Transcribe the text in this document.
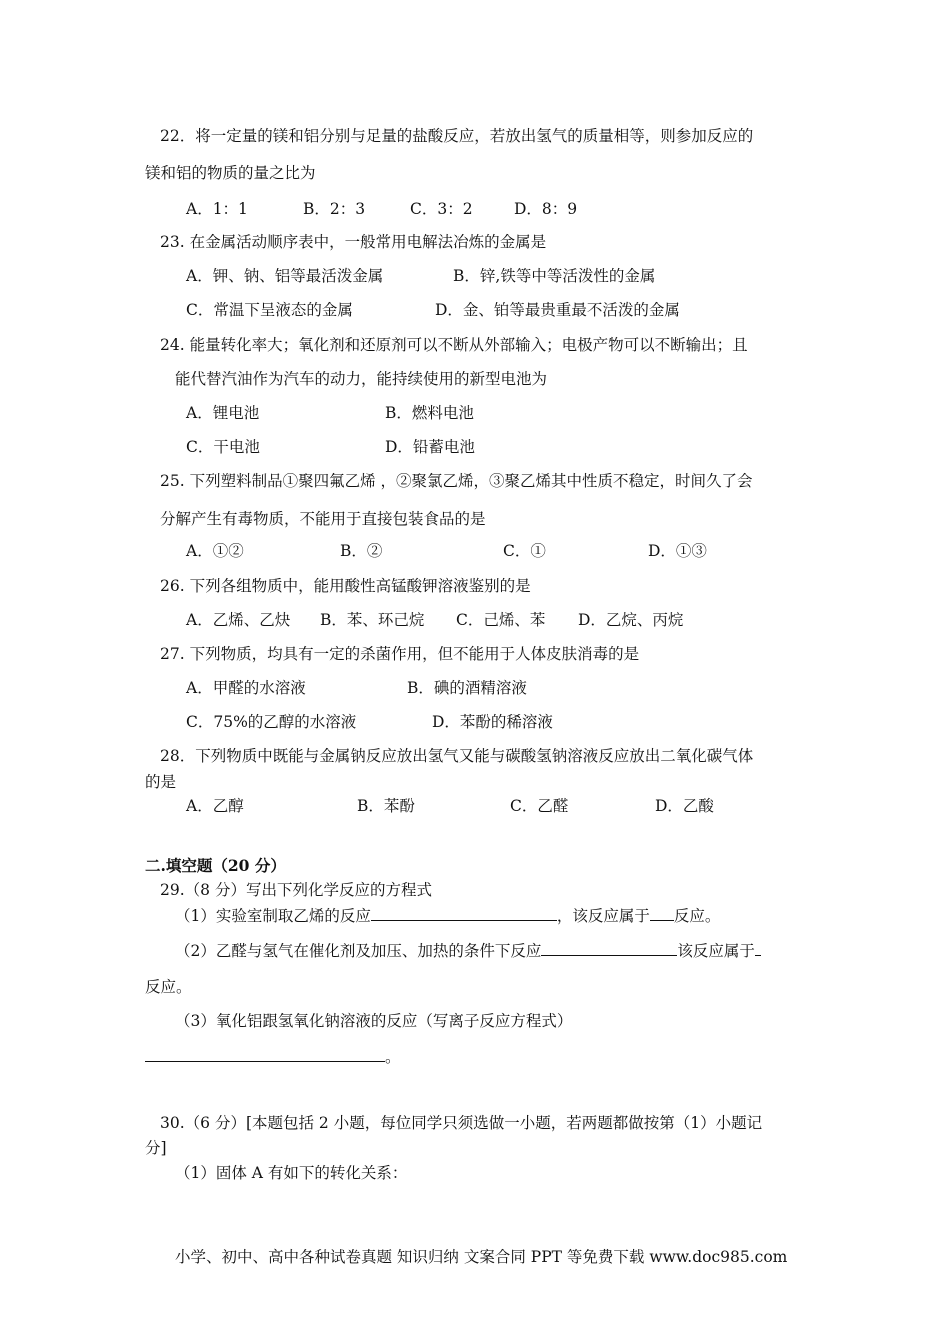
22．将一定量的镁和铝分别与足量的盐酸反应，若放出氢气的质量相等，则参加反应的
镁和铝的物质的量之比为
A．1：1	B．2：3	C．3：2	D．8：9
23. 在金属活动顺序表中，一般常用电解法冶炼的金属是
A．钾、钠、铝等最活泼金属	B．锌,铁等中等活泼性的金属
C．常温下呈液态的金属	D．金、铂等最贵重最不活泼的金属
24. 能量转化率大；氧化剂和还原剂可以不断从外部输入；电极产物可以不断输出；且
能代替汽油作为汽车的动力，能持续使用的新型电池为
A．锂电池	B．燃料电池
C．干电池	D．铅蓄电池
25. 下列塑料制品①聚四氟乙烯 ，②聚氯乙烯，③聚乙烯其中性质不稳定，时间久了会
分解产生有毒物质，不能用于直接包装食品的是
A．①②	B．②	C．①	D．①③
26. 下列各组物质中，能用酸性高锰酸钾溶液鉴别的是
A．乙烯、乙炔 B．苯、环己烷 C．己烯、苯 D．乙烷、丙烷
27. 下列物质，均具有一定的杀菌作用，但不能用于人体皮肤消毒的是
A．甲醛的水溶液	B．碘的酒精溶液
C．75%的乙醇的水溶液	D．苯酚的稀溶液
28．下列物质中既能与金属钠反应放出氢气又能与碳酸氢钠溶液反应放出二氧化碳气体
的是
A．乙醇	B．苯酚	C．乙醛	D．乙酸
二.填空题（20 分）
29.（8 分）写出下列化学反应的方程式
（1）实验室制取乙烯的反应	，该反应属于 反应。
（2）乙醛与氢气在催化剂及加压、加热的条件下反应	该反应属于
反应。
（3）氧化铝跟氢氧化钠溶液的反应（写离子反应方程式）
。
30.（6 分）[本题包括 2 小题，每位同学只须选做一小题，若两题都做按第（1）小题记
分]
（1）固体 A 有如下的转化关系：
小学、初中、高中各种试卷真题 知识归纳 文案合同 PPT 等免费下载 www.doc985.com
